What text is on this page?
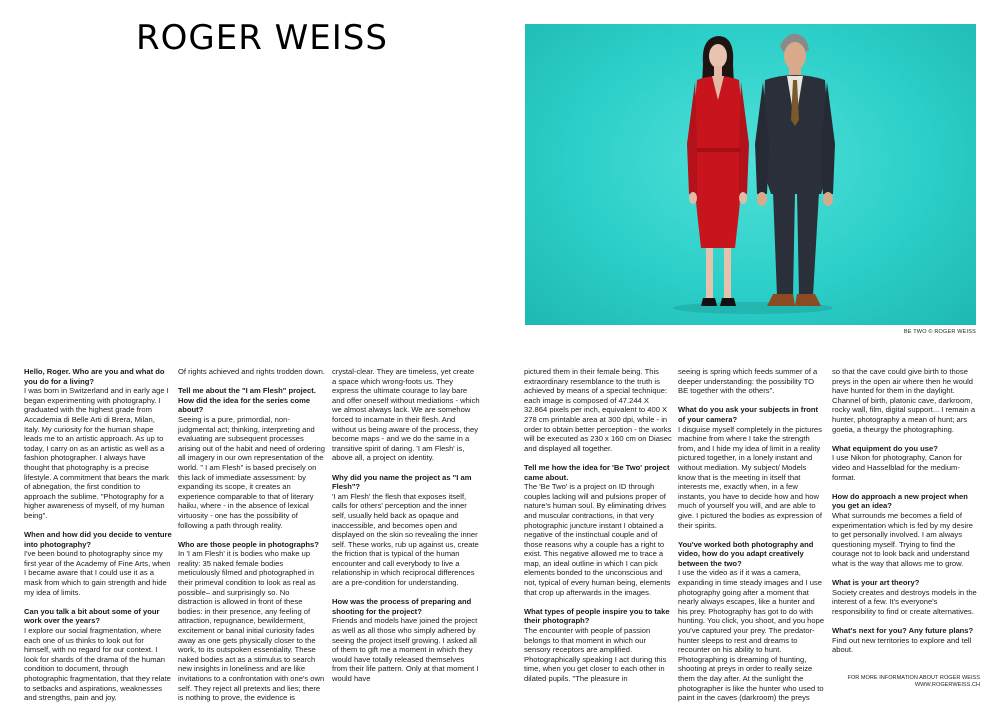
ROGER WEISS
BE TWO © ROGER WEISS

Hello, Roger. Who are you and what do you do for a living?
I was born in Switzerland and in early age I began experimenting with photography. I graduated with the highest grade from Accademia di Belle Arti di Brera, Milan, Italy. My curiosity for the human shape leads me to an artistic approach. As up to today, I carry on as an artistic as well as a fashion photographer. I always have thought that photography is a precise lifestyle. A commitment that bears the mark of abnegation, the first condition to approach the sublime. "Photography for a higher awareness of myself, of my human being".

When and how did you decide to venture into photography?
I've been bound to photography since my first year of the Academy of Fine Arts, when I became aware that I could use it as a mask from which to gain strength and hide my idea of limits.

Can you talk a bit about some of your work over the years?
I explore our social fragmentation, where each one of us thinks to look out for himself, with no regard for our context. I look for shards of the drama of the human condition to document, through photographic fragmentation, that they relate to setbacks and aspirations, weaknesses and strengths, pain and joy.

Of rights achieved and rights trodden down.

Tell me about the "I am Flesh" project. How did the idea for the series come about?
Seeing is a pure, primordial, non-judgmental act; thinking, interpreting and evaluating are subsequent processes arising out of the habit and need of ordering all imagery in our own representation of the world. " I am Flesh" is based precisely on this lack of immediate assessment: by expanding its scope, it creates an experience comparable to that of literary haiku, where - in the absence of lexical virtuosity - one has the possibility of following a path through reality.

Who are those people in photographs?
In 'I am Flesh' it is bodies who make up reality: 35 naked female bodies meticulously filmed and photographed in their primeval condition to look as real as possible– and surprisingly so. No distraction is allowed in front of these bodies: in their presence, any feeling of attraction, repugnance, bewilderment, excitement or banal initial curiosity fades away as one gets physically closer to the work, to its outspoken essentiality. These naked bodies act as a stimulus to search new insights in loneliness and are like invitations to a confrontation with one's own self. They reject all pretexts and lies; there is nothing to prove, the evidence is

crystal-clear. They are timeless, yet create a space which wrong-foots us. They express the ultimate courage to lay bare and offer oneself without mediations - which we almost always lack. We are somehow forced to incarnate in their flesh. And without us being aware of the process, they become maps - and we do the same in a transitive spirit of daring. 'I am Flesh' is, above all, a project on identity.

Why did you name the project as "I am Flesh"?
'I am Flesh' the flesh that exposes itself, calls for others' perception and the inner self, usually held back as opaque and inaccessible, and becomes open and displayed on the skin so revealing the inner self. These works, rub up against us, create the friction that is typical of the human encounter and call everybody to live a relationship in which reciprocal differences are a pre-condition for understanding.

How was the process of preparing and shooting for the project?
Friends and models have joined the project as well as all those who simply adhered by seeing the project itself growing. I asked all of them to gift me a moment in which they would have totally released themselves from their life pattern. Only at that moment I would have

pictured them in their female being. This extraordinary resemblance to the truth is achieved by means of a special technique: each image is composed of 47.244 X 32.864 pixels per inch, equivalent to 400 X 278 cm printable area at 300 dpi, while - in order to obtain better perception - the works will be executed as 230 x 160 cm on Diasec and displayed all together.

Tell me how the idea for 'Be Two' project came about.
The 'Be Two' is a project on ID through couples lacking will and pulsions proper of nature's human soul. By eliminating drives and muscular contractions, in that very photographic juncture instant I obtained a negative of the instinctual couple and of those reasons why a couple has a right to exist. This negative allowed me to trace a map, an ideal outline in which I can pick elements bonded to the unconscious and not, typical of every human being, elements that crop up afterwards in the images.

What types of people inspire you to take their photograph?
The encounter with people of passion belongs to that moment in which our sensory receptors are amplified. Photographically speaking I act during this time, when you get closer to each other in dilated pupils. "The pleasure in

seeing is spring which feeds summer of a deeper understanding: the possibility TO BE together with the others".

What do you ask your subjects in front of your camera?
I disguise myself completely in the pictures machine from where I take the strength from, and I hide my idea of limit in a reality pictured together, in a lonely instant and without mediation. My subject/ Models know that is the meeting in itself that interests me, exactly when, in a few instants, you have to decide how and how much of yourself you will, and are able to give. I pictured the bodies as expression of their spirits.

You've worked both photography and video, how do you adapt creatively between the two?
I use the video as if it was a camera, expanding in time steady images and I use photography going after a moment that nearly always escapes, like a hunter and his prey. Photography has got to do with hunting. You click, you shoot, and you hope you've captured your prey. The predator-hunter sleeps to rest and dreams to recounter on his ability to hunt. Photographing is dreaming of hunting, shooting at preys in order to really seize them the day after. At the sunlight the photographer is like the hunter who used to paint in the caves (darkroom) the preys

so that the cave could give birth to those preys in the open air where then he would have hunted for them in the daylight. Channel of birth, platonic cave, darkroom, rocky wall, film, digital support... I remain a hunter, photography a mean of hunt; ars goetia, a theurgy the photographing.

What equipment do you use?
I use Nikon for photography, Canon for video and Hasselblad for the medium-format.

How do approach a new project when you get an idea?
What surrounds me becomes a field of experimentation which is fed by my desire to get personally involved. I am always questioning myself. Trying to find the courage not to look back and understand what is the way that allows me to grow.

What is your art theory?
Society creates and destroys models in the interest of a few. It's everyone's responsibility to find or create alternatives.

What's next for you? Any future plans?
Find out new territories to explore and tell about.

FOR MORE INFORMATION ABOUT ROGER WEISS
WWW.ROGERWEISS.CH
